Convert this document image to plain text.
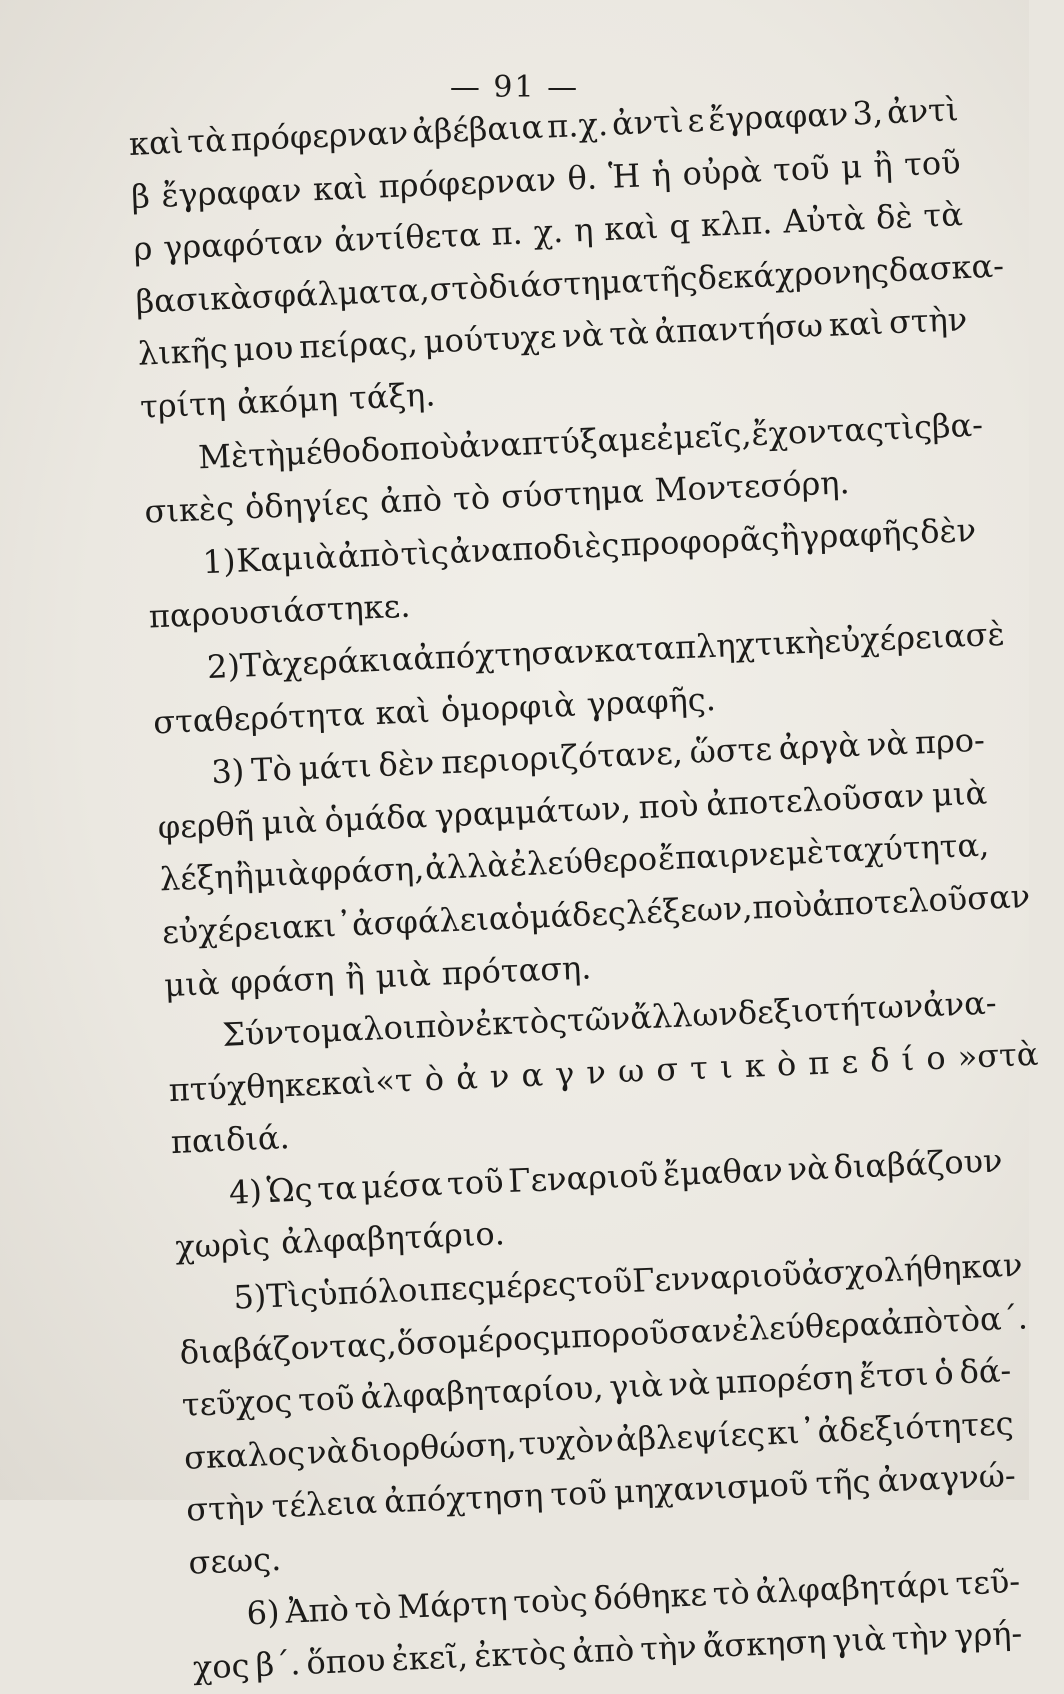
— 91 —
καὶ τὰ πρόφερναν ἀβέβαια π.χ. ἀντὶ ε ἔγραφαν 3, ἀντὶ
β ἔγραφαν καὶ πρόφερναν θ. Ἡ ἡ οὐρὰ τοῦ μ ἢ τοῦ
ρ γραφόταν ἀντίθετα π. χ. η καὶ q κλπ. Αὐτὰ δὲ τὰ
βασικὰ
σφάλματα,
στὸ
διάστημα
τῆς
δεκάχρονης
δασκα-
λικῆς μου πείρας, μούτυχε νὰ τὰ ἀπαντήσω καὶ στὴν
τρίτη ἀκόμη τάξη.
Μὲ
τὴ
μέθοδο
ποὺ
ἀναπτύξαμε
ἐμεῖς,
ἔχοντας
τὶς
βα-
σικὲς ὁδηγίες ἀπὸ τὸ σύστημα Μοντεσόρη.
1) Καμιὰ ἀπὸ τὶς ἀναποδιὲς προφορᾶς ἢ γραφῆς δὲν
παρουσιάστηκε.
2)
Τὰ
χεράκια
ἀπόχτησαν
καταπληχτικὴ
εὐχέρεια
σὲ
σταθερότητα καὶ ὁμορφιὰ γραφῆς.
3) Τὸ μάτι δὲν περιοριζότανε, ὥστε ἀργὰ νὰ προ-
φερθῆ μιὰ ὁμάδα γραμμάτων, ποὺ ἀποτελοῦσαν μιὰ
λέξη ἢ μιὰ φράση, ἀλλὰ ἐλεύθερο ἔπαιρνε μὲ ταχύτητα,
εὐχέρεια
κι᾿
ἀσφάλεια
ὁμάδες
λέξεων,
ποὺ
ἀποτελοῦσαν
μιὰ φράση ἢ μιὰ πρόταση.
Σύντομα
λοιπὸν
ἐκτὸς
τῶν
ἄλλων
δεξιοτήτων
ἀνα-
πτύχθηκε
καὶ
«
τὸ
ἀναγνωστικὸ
πεδίο
»
στὰ
παιδιά.
4) Ὡς τα μέσα τοῦ Γεναριοῦ ἔμαθαν νὰ διαβάζουν
χωρὶς ἀλφαβητάριο.
5)
Τὶς
ὑπόλοιπες
μέρες
τοῦ
Γενναριοῦ
ἀσχολήθηκαν
διαβάζοντας,
ὅσο
μέρος
μποροῦσαν
ἐλεύθερα
ἀπὸ
τὸ
α΄.
τεῦχος τοῦ ἀλφαβηταρίου, γιὰ νὰ μπορέση ἔτσι ὁ δά-
σκαλος νὰ διορθώση, τυχὸν ἀβλεψίες κι᾿ ἀδεξιότητες
στὴν τέλεια ἀπόχτηση τοῦ μηχανισμοῦ τῆς ἀναγνώ-
σεως.
6) Ἀπὸ τὸ Μάρτη τοὺς δόθηκε τὸ ἀλφαβητάρι τεῦ-
χος β΄. ὅπου ἐκεῖ, ἐκτὸς ἀπὸ τὴν ἄσκηση γιὰ τὴν γρή-
